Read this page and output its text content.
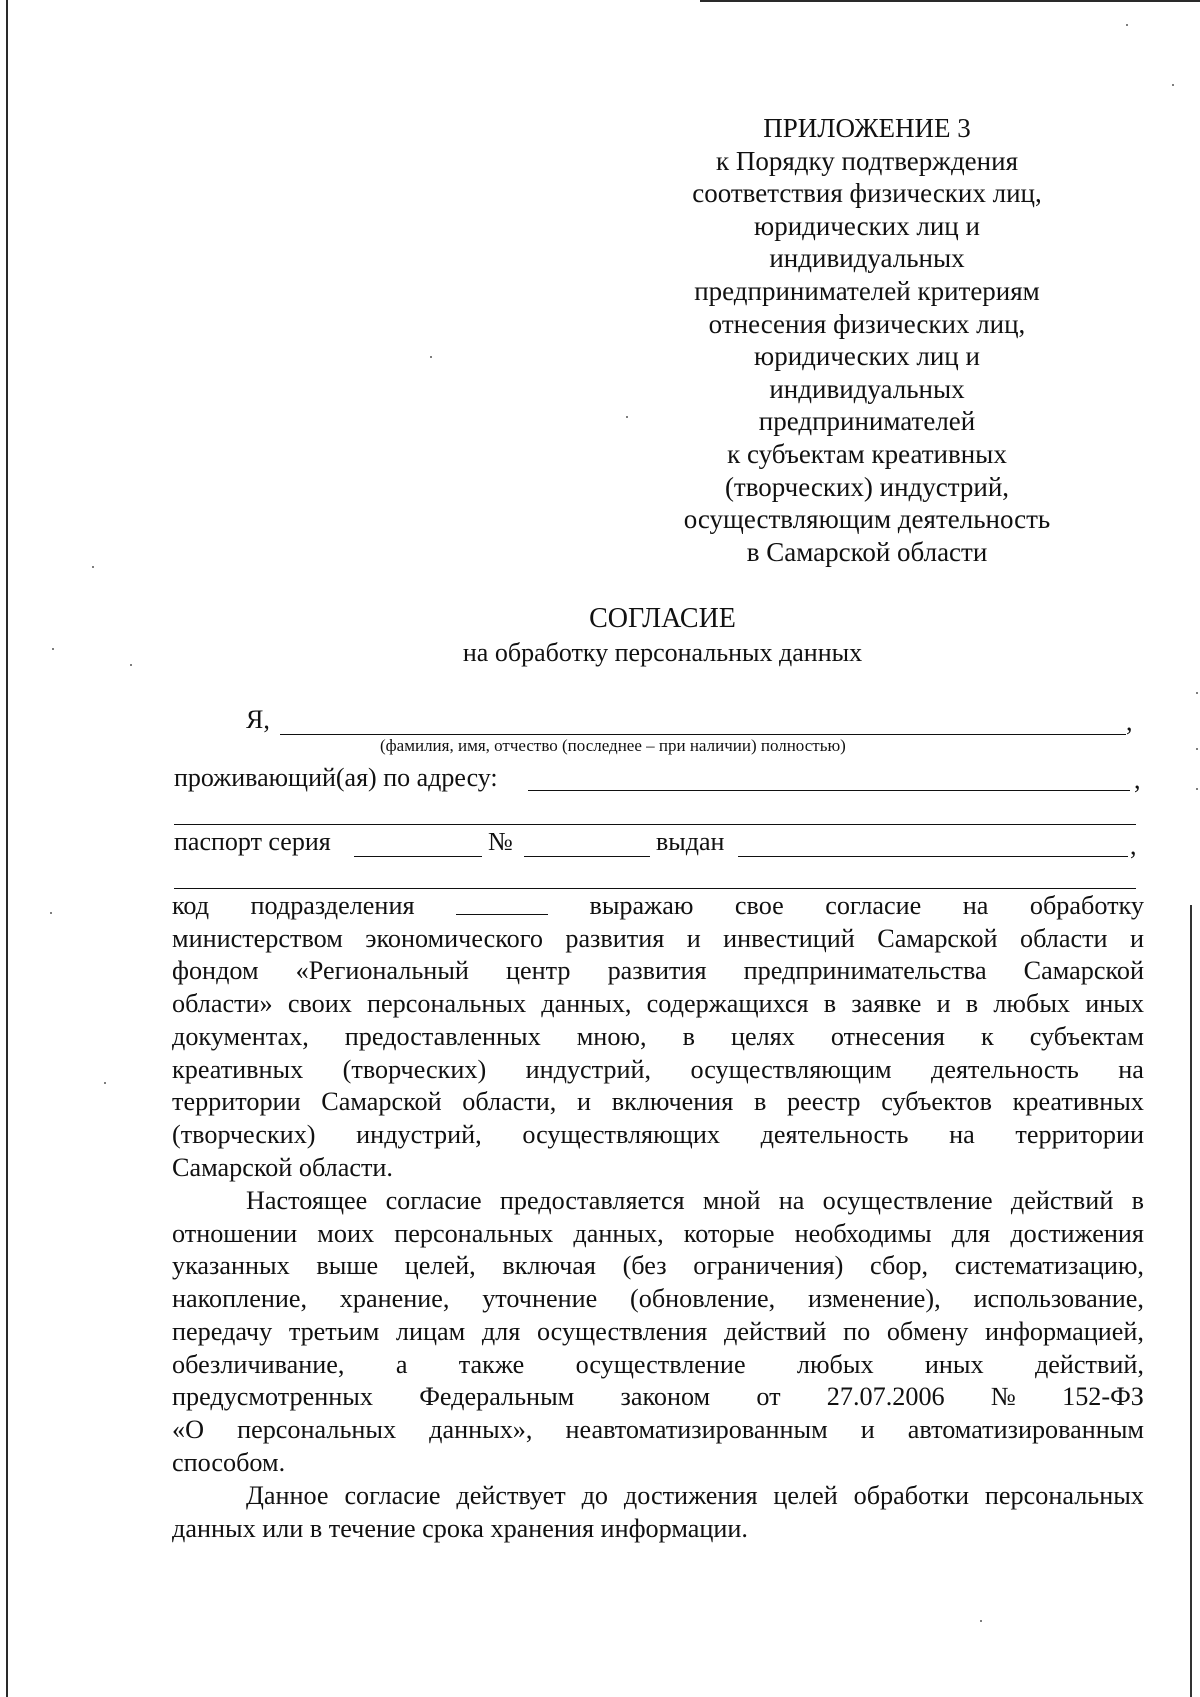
ПРИЛОЖЕНИЕ 3
к Порядку подтверждения
соответствия физических лиц,
юридических лиц и
индивидуальных
предпринимателей критериям
отнесения физических лиц,
юридических лиц и
индивидуальных
предпринимателей
к субъектам креативных
(творческих) индустрий,
осуществляющим деятельность
в Самарской области
СОГЛАСИЕ
на обработку персональных данных
Я,	,
(фамилия, имя, отчество (последнее – при наличии) полностью)
проживающий(ая) по адресу:	,
паспорт серия	№	выдан	,
код подразделения	выражаю свое согласие на обработку
министерством экономического развития и инвестиций Самарской области и
фондом «Региональный центр развития предпринимательства Самарской
области» своих персональных данных, содержащихся в заявке и в любых иных
документах, предоставленных мною, в целях отнесения к субъектам
креативных (творческих) индустрий, осуществляющим деятельность на
территории Самарской области, и включения в реестр субъектов креативных
(творческих) индустрий, осуществляющих деятельность на территории
Самарской области.
Настоящее согласие предоставляется мной на осуществление действий в
отношении моих персональных данных, которые необходимы для достижения
указанных выше целей, включая (без ограничения) сбор, систематизацию,
накопление, хранение, уточнение (обновление, изменение), использование,
передачу третьим лицам для осуществления действий по обмену информацией,
обезличивание, а также осуществление любых иных действий,
предусмотренных Федеральным законом от 27.07.2006 № 152-ФЗ
«О персональных данных», неавтоматизированным и автоматизированным
способом.
Данное согласие действует до достижения целей обработки персональных
данных или в течение срока хранения информации.
